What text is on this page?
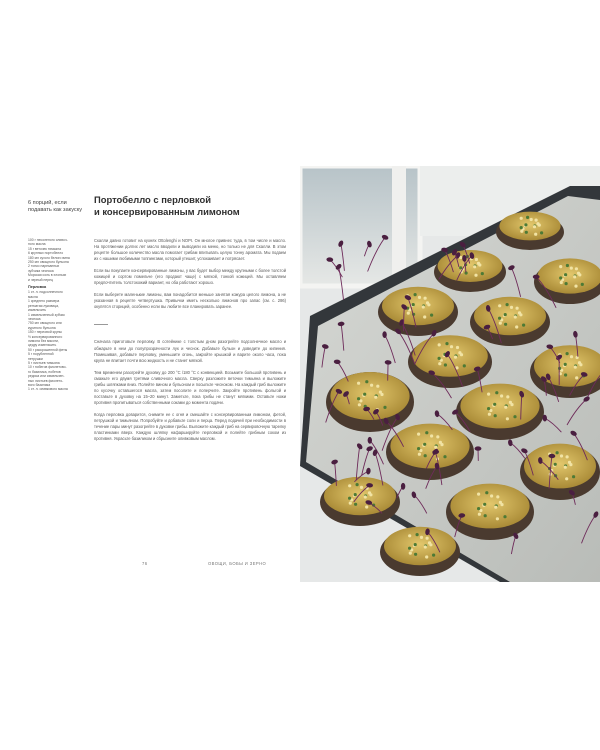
6 порций, если подавать как закуску
Портобелло с перловкой
и консервированным лимоном
100 г несоленого сливоч-
ного масла
15 г веточек тимьяна
6 крупных портобелло
180 мл сухого белого вина
250 мл овощного бульона
2 тонко нарезанных
зубчика чеснока
Морская соль в хлопьях
и черный перец
Перловка
1 ст. л. подсолнечного
масла
1 среднего размера
репчатая луковица,
измельчить
1 измельченный зубчик
чеснока
750 мл овощного или
куриного бульона
150 г перловой крупы
½ консервированного
лимона без мякоти,
цедру измельчить
50 г раскрошенной феты
5 г порубленной
петрушки
5 г листьев тимьяна
10 г побегов фиолетово-
го базилика, побегов
редиса или измельчен-
ных листьев фиолето-
вого базилика
1 ст. л. оливкового масла

Скалли давно готовит на кухнях Ottolenghi и NOPI. Он многое привнес туда, в том числе и масло. На протяжении долгих лет масло вводили и выводили из меню, но только не для Скалли. В этом рецепте большое количество масла помогает грибам впитывать целую тонну аромата. Мы подаем их с нашими любимыми топпингами, который утешит, успокаивает и потрясает.

Если вы покупаете консервированные лимоны, у вас будет выбор между крупными с более толстой кожицей и сортом помельче (его продают чаще) с мягкой, тонкой кожицей. Мы оставляем предпочтитель толстокожий вариант, но оба работают хорошо.

Если выберете маленькие лимоны, вам понадобится меньше занятая кожура целого лимона, а не указанная в рецепте четвертушка. Привычки иметь несколько лимонов про запас (см. с. 286) окупятся сторицей, особенно если вы любите все планировать заранее.

Сначала приготовьте перловку. В сотейнике с толстым дном разогрейте подсолнечное масло и обжарьте в нем до полупрозрачности лук и чеснок. Добавьте бульон и доведите до кипения. Помешивая, добавьте перловку, уменьшите огонь, закройте крышкой и варите около часа, пока крупа не впитает почти всю жидкость и не станет мягкой.

Тем временем разогрейте духовку до 200 °С /180 °С с конвекцией. Возьмите большой противень и смажьте его двумя третями сливочного масла. Сверху разложите веточки тимьяна и выложите грибы шляпками вниз. Полейте вином и бульоном и посыпьте чесноком. На каждый гриб выложите по кусочку оставшегося масла, затем посолите и поперчите. Закройте противень фольгой и поставьте в духовку на 15–20 минут. Заметьте, пока грибы не станут мягкими. Оставьте ножи противня пропитываться собственными соками до момента подачи.

Когда перловка доварится, снимите ее с огня и смешайте с консервированным лимоном, фетой, петрушкой и тимьяном. Попробуйте и добавьте соли и перца. Перед подачей при необходимости в течение пары минут разогрейте в духовке грибы. Выложите каждый гриб на сервировочную тарелку пластинками вверх. Каждую шляпку нафаршируйте перловкой и полейте грибным соком из противня. Украсьте базиликом и сбрызните оливковым маслом.

76	ОВОЩИ, БОБЫ И ЗЕРНО
